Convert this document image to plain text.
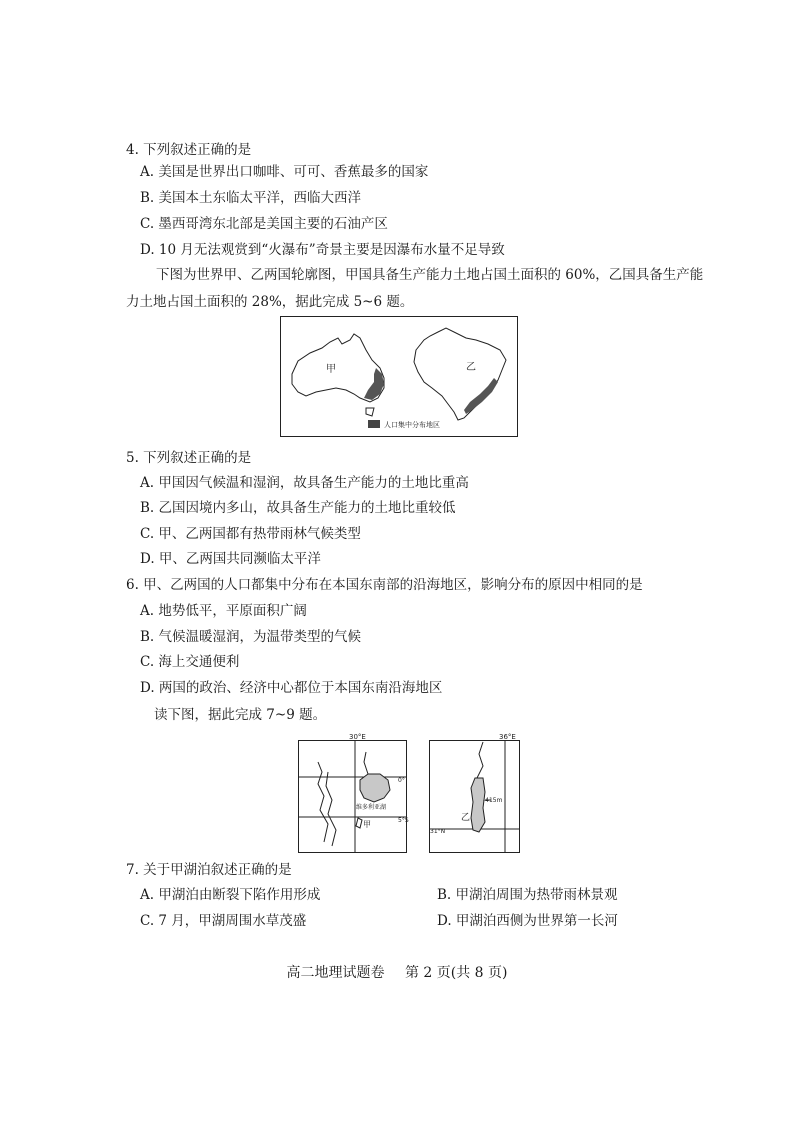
4. 下列叙述正确的是
A. 美国是世界出口咖啡、可可、香蕉最多的国家
B. 美国本土东临太平洋，西临大西洋
C. 墨西哥湾东北部是美国主要的石油产区
D. 10 月无法观赏到“火瀑布”奇景主要是因瀑布水量不足导致
下图为世界甲、乙两国轮廓图，甲国具备生产能力土地占国土面积的 60%，乙国具备生产能
力土地占国土面积的 28%，据此完成 5~6 题。
甲	乙
人口集中分布地区
5. 下列叙述正确的是
A. 甲国因气候温和湿润，故具备生产能力的土地比重高
B. 乙国因境内多山，故具备生产能力的土地比重较低
C. 甲、乙两国都有热带雨林气候类型
D. 甲、乙两国共同濒临太平洋
6. 甲、乙两国的人口都集中分布在本国东南部的沿海地区，影响分布的原因中相同的是
A. 地势低平，平原面积广阔
B. 气候温暖湿润，为温带类型的气候
C. 海上交通便利
D. 两国的政治、经济中心都位于本国东南沿海地区
读下图，据此完成 7~9 题。
30°E
0°
5°S
维多利亚湖
甲
36°E
31°N
-415m
乙
7. 关于甲湖泊叙述正确的是
A. 甲湖泊由断裂下陷作用形成	B. 甲湖泊周围为热带雨林景观
C. 7 月，甲湖周围水草茂盛	D. 甲湖泊西侧为世界第一长河
高二地理试题卷 第 2 页(共 8 页)
